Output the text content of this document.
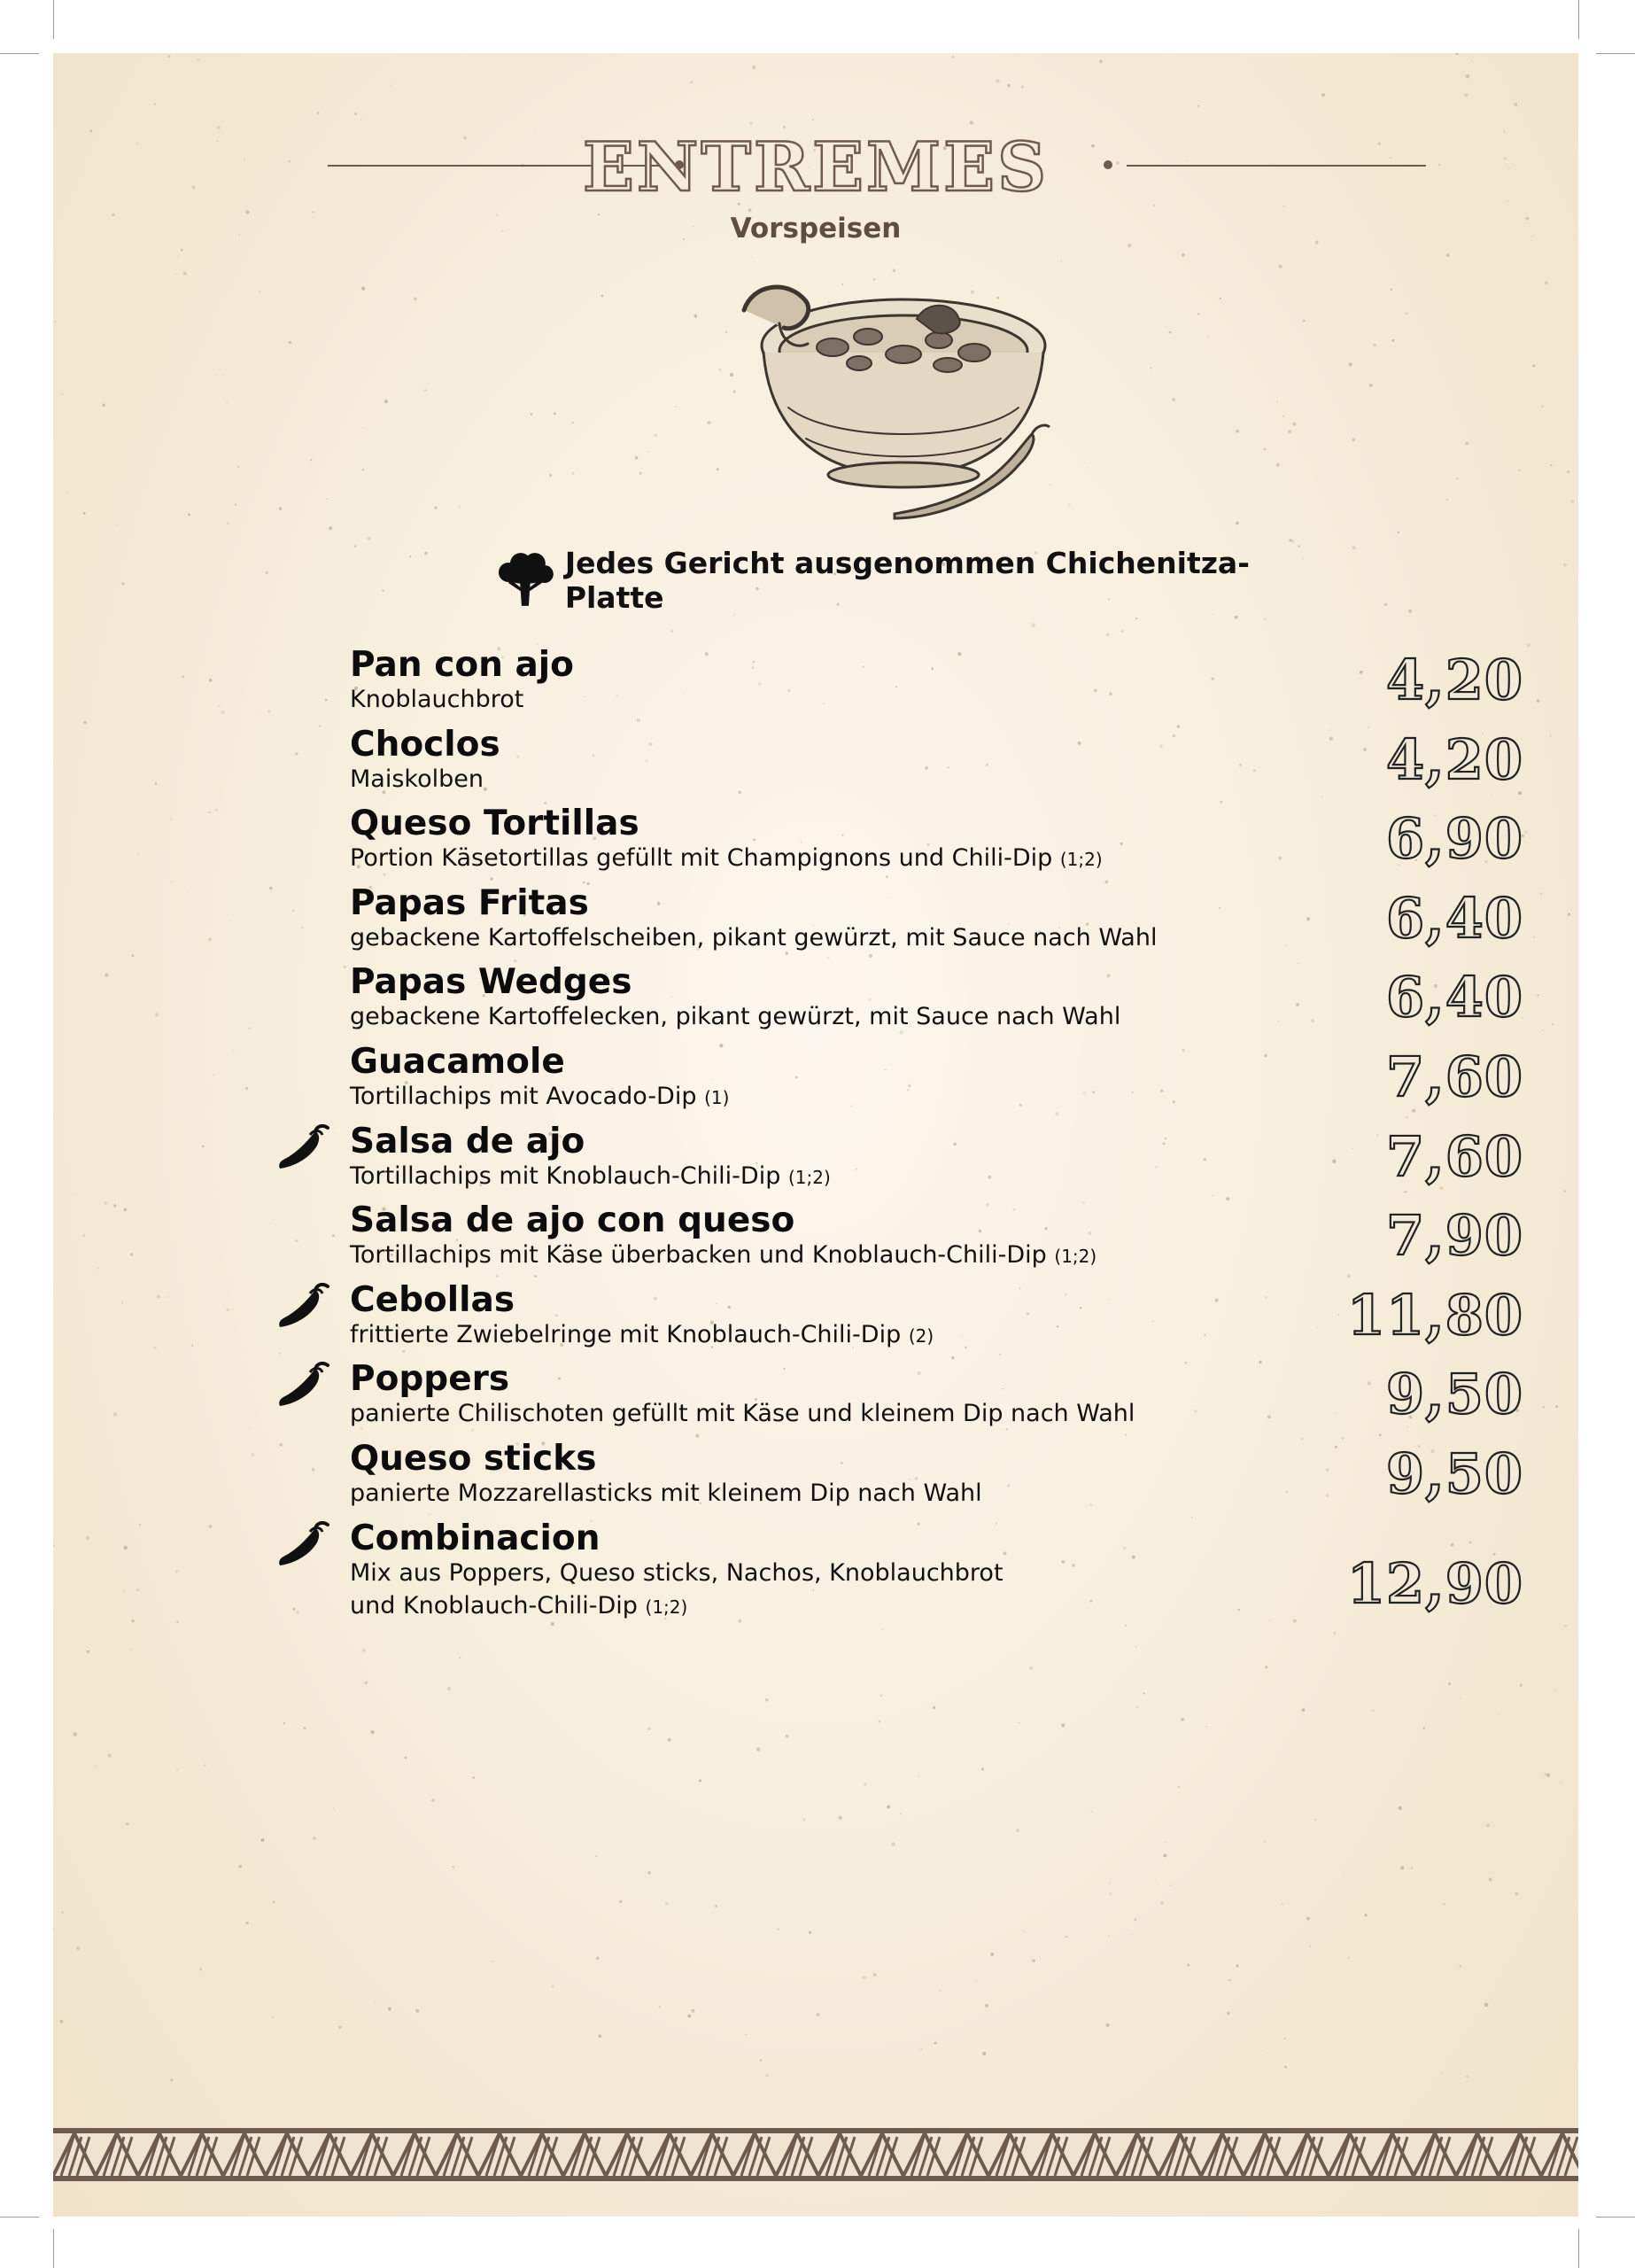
ENTREMES
Vorspeisen
Jedes Gericht ausgenommen Chichenitza-Platte
Pan con ajo
Knoblauchbrot	4,20
Choclos
Maiskolben	4,20
Queso Tortillas
Portion Käsetortillas gefüllt mit Champignons und Chili-Dip (1;2)	6,90
Papas Fritas
gebackene Kartoffelscheiben, pikant gewürzt, mit Sauce nach Wahl	6,40
Papas Wedges
gebackene Kartoffelecken, pikant gewürzt, mit Sauce nach Wahl	6,40
Guacamole
Tortillachips mit Avocado-Dip (1)	7,60
Salsa de ajo
Tortillachips mit Knoblauch-Chili-Dip (1;2)	7,60
Salsa de ajo con queso
Tortillachips mit Käse überbacken und Knoblauch-Chili-Dip (1;2)	7,90
Cebollas
frittierte Zwiebelringe mit Knoblauch-Chili-Dip (2)	11,80
Poppers
panierte Chilischoten gefüllt mit Käse und kleinem Dip nach Wahl	9,50
Queso sticks
panierte Mozzarellasticks mit kleinem Dip nach Wahl	9,50
Combinacion
Mix aus Poppers, Queso sticks, Nachos, Knoblauchbrot
und Knoblauch-Chili-Dip (1;2)	12,90
